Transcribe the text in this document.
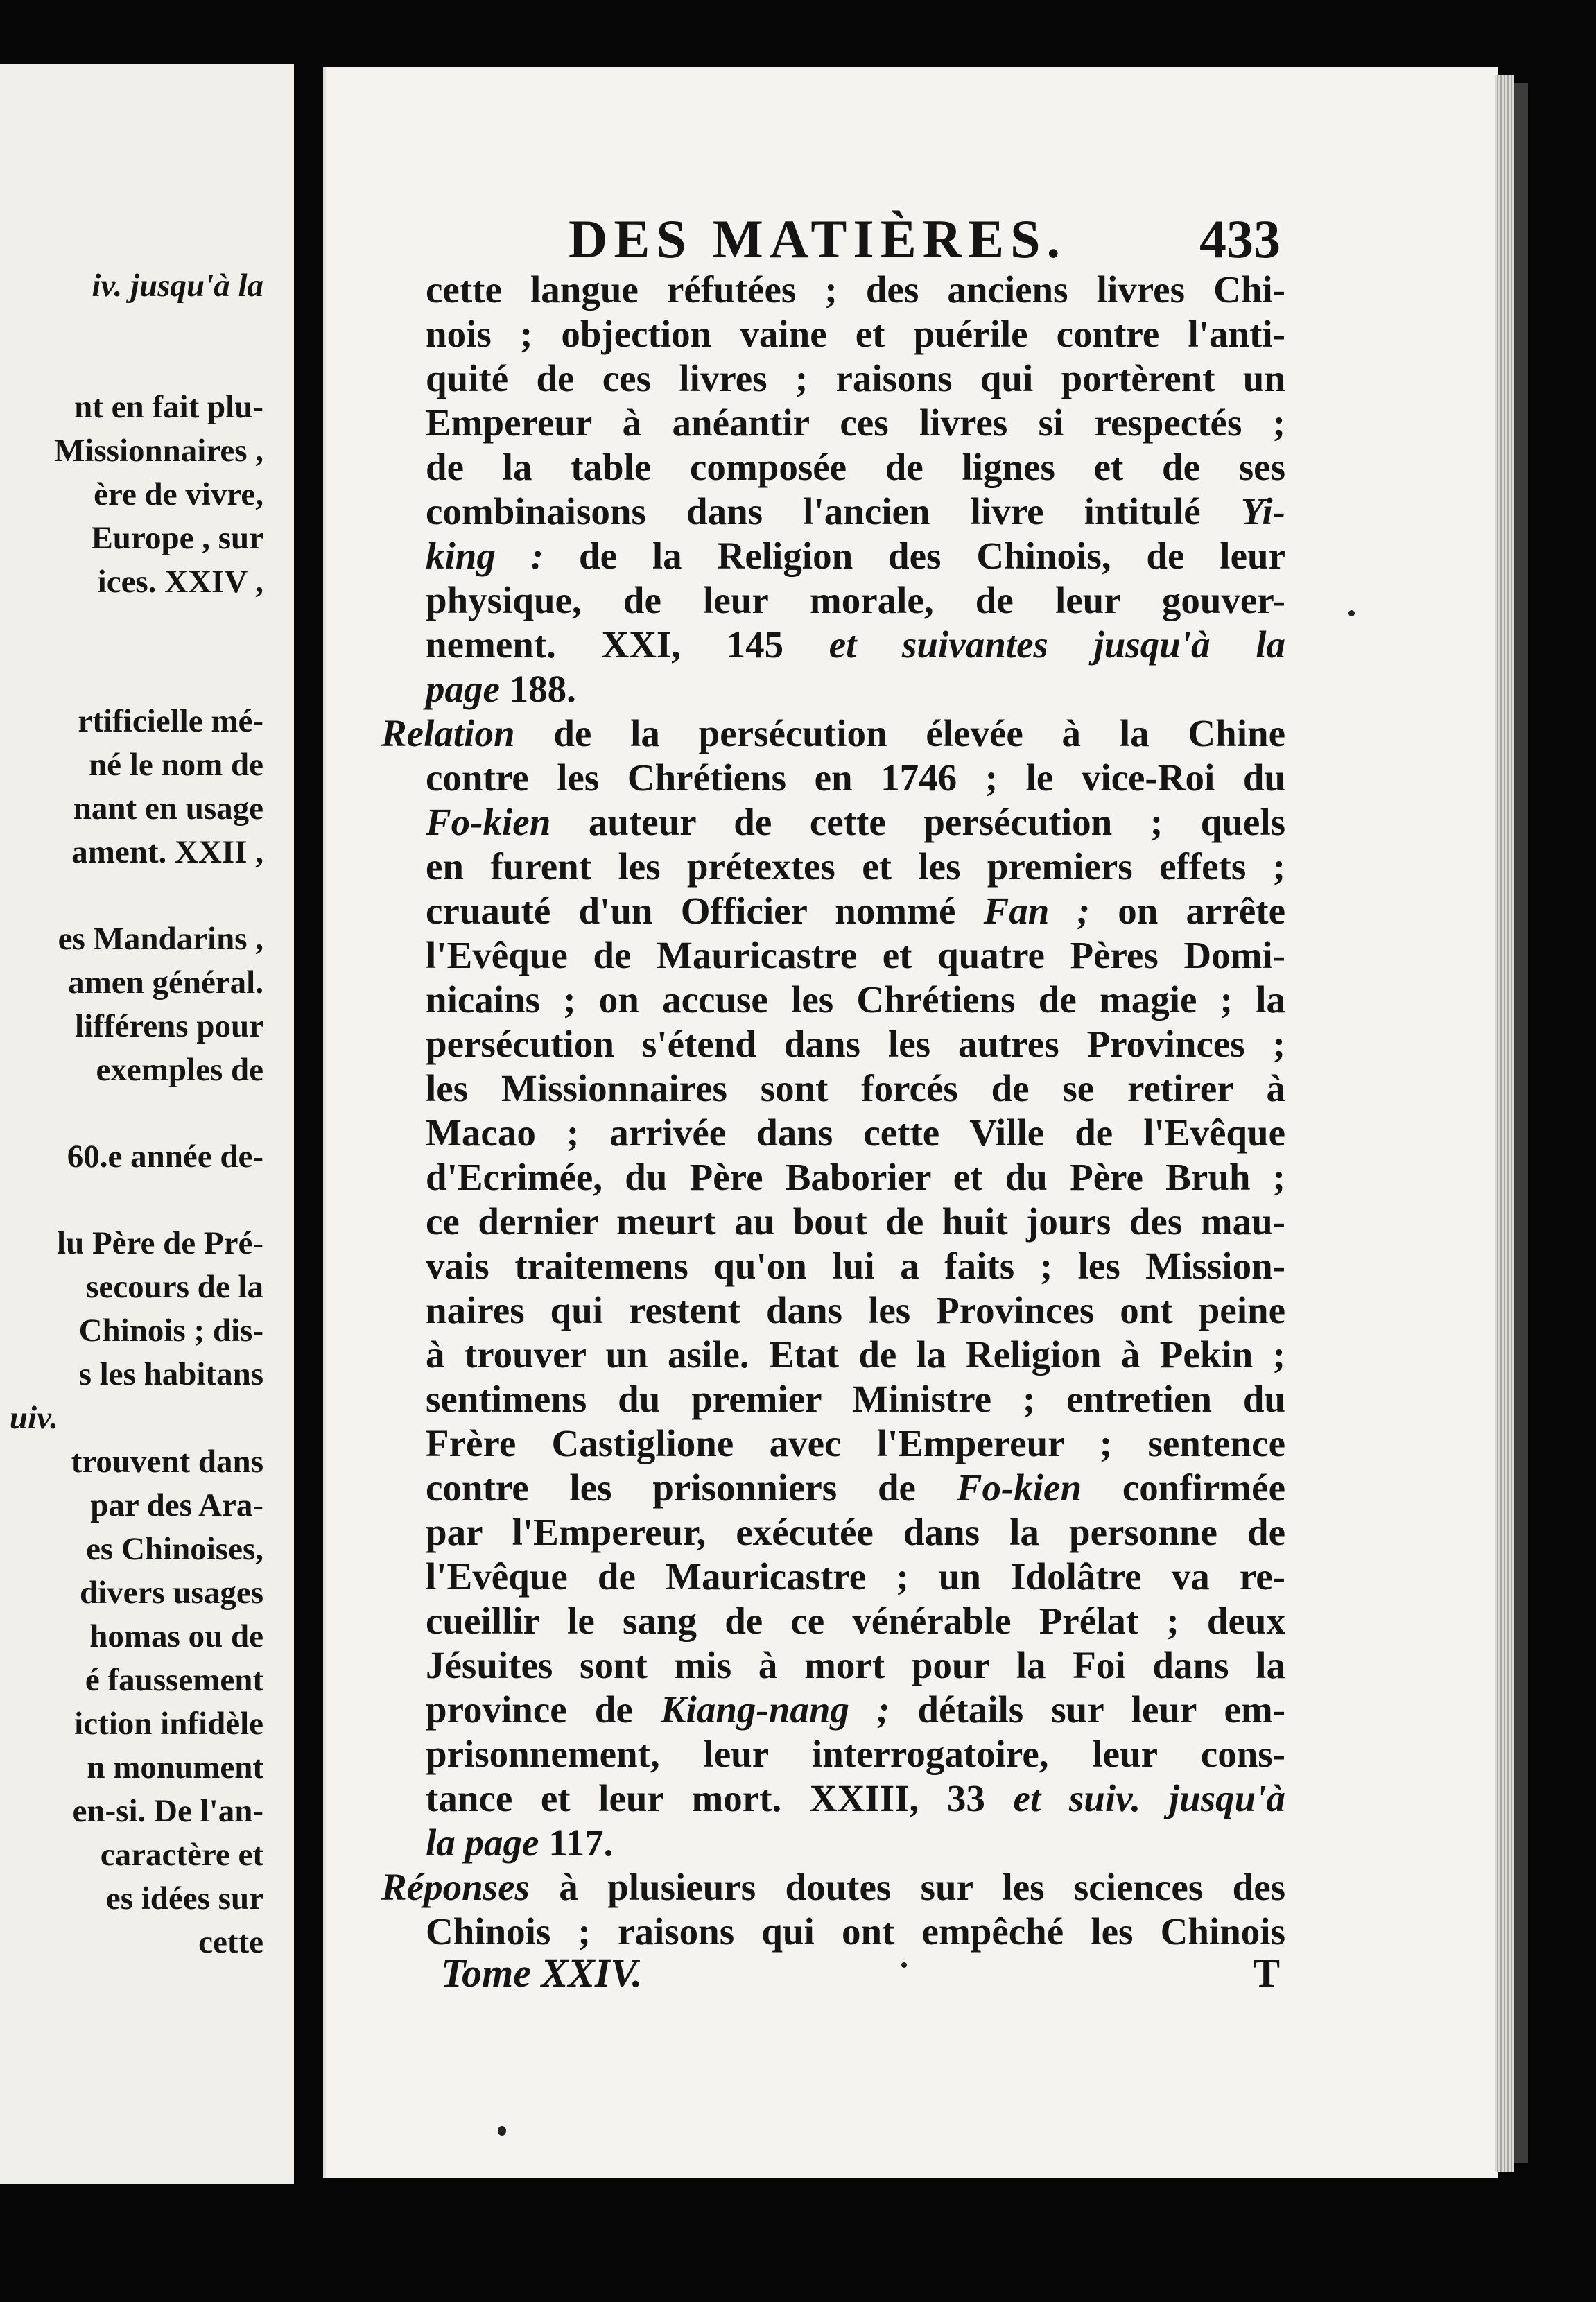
iv. jusqu'à la
nt en fait plu-
Missionnaires ,
ère de vivre,
Europe , sur
ices. XXIV ,
rtificielle mé-
né le nom de
nant en usage
ament. XXII ,
es Mandarins ,
amen général.
lifférens pour
exemples de
60.e année de-
lu Père de Pré-
secours de la
Chinois ; dis-
s les habitans
uiv.
trouvent dans
par des Ara-
es Chinoises,
divers usages
homas ou de
é faussement
iction infidèle
n monument
en-si. De l'an-
caractère et
es idées sur
cette
DES MATIÈRES. 433
cette langue réfutées ; des anciens livres Chi-
nois ; objection vaine et puérile contre l'anti-
quité de ces livres ; raisons qui portèrent un
Empereur à anéantir ces livres si respectés ;
de la table composée de lignes et de ses
combinaisons dans l'ancien livre intitulé Yi-
king : de la Religion des Chinois, de leur
physique, de leur morale, de leur gouver-
nement. XXI, 145 et suivantes jusqu'à la
page 188.
Relation de la persécution élevée à la Chine
contre les Chrétiens en 1746 ; le vice-Roi du
Fo-kien auteur de cette persécution ; quels
en furent les prétextes et les premiers effets ;
cruauté d'un Officier nommé Fan ; on arrête
l'Evêque de Mauricastre et quatre Pères Domi-
nicains ; on accuse les Chrétiens de magie ; la
persécution s'étend dans les autres Provinces ;
les Missionnaires sont forcés de se retirer à
Macao ; arrivée dans cette Ville de l'Evêque
d'Ecrimée, du Père Baborier et du Père Bruh ;
ce dernier meurt au bout de huit jours des mau-
vais traitemens qu'on lui a faits ; les Mission-
naires qui restent dans les Provinces ont peine
à trouver un asile. Etat de la Religion à Pekin ;
sentimens du premier Ministre ; entretien du
Frère Castiglione avec l'Empereur ; sentence
contre les prisonniers de Fo-kien confirmée
par l'Empereur, exécutée dans la personne de
l'Evêque de Mauricastre ; un Idolâtre va re-
cueillir le sang de ce vénérable Prélat ; deux
Jésuites sont mis à mort pour la Foi dans la
province de Kiang-nang ; détails sur leur em-
prisonnement, leur interrogatoire, leur cons-
tance et leur mort. XXIII, 33 et suiv. jusqu'à
la page 117.
Réponses à plusieurs doutes sur les sciences des
Chinois ; raisons qui ont empêché les Chinois
Tome XXIV.	T
